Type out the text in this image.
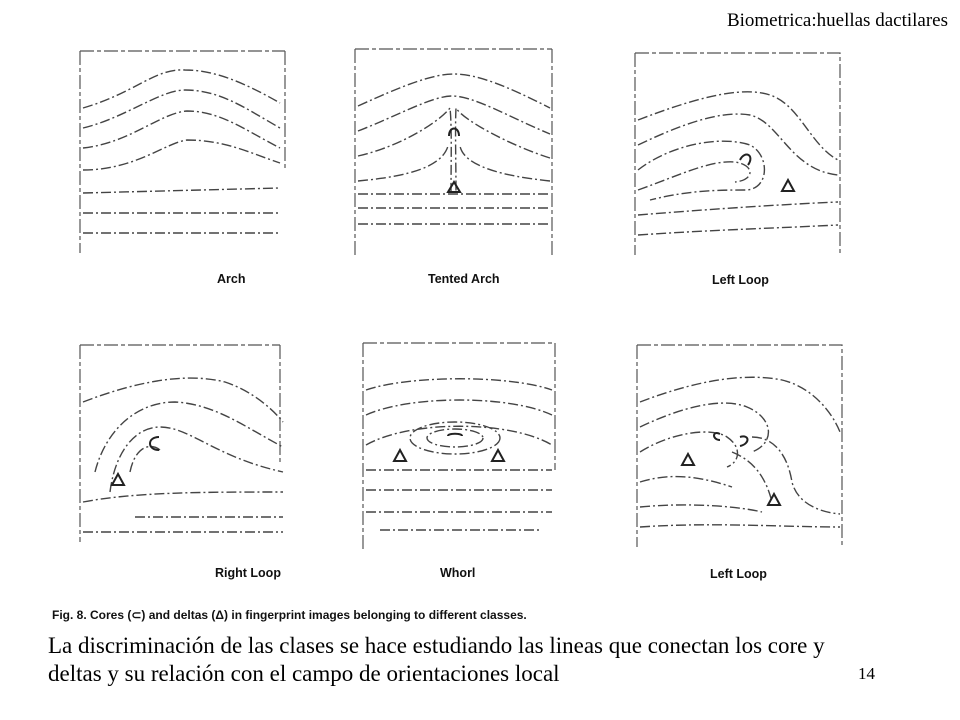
Biometrica:huellas dactilares
Arch	Tented Arch	Left Loop
Right Loop	Whorl	Left Loop
Fig. 8. Cores (⊂) and deltas (Δ) in fingerprint images belonging to different classes.
La discriminación de las clases se hace estudiando las lineas que conectan los core y deltas y su relación con el campo de orientaciones local	14
